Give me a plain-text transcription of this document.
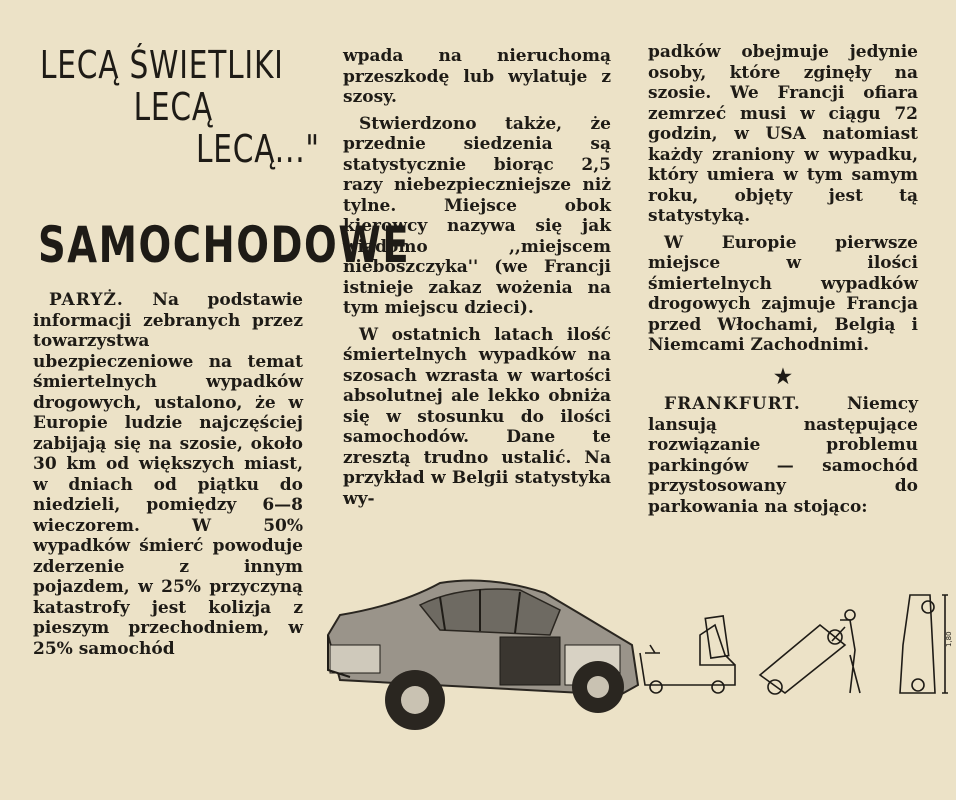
LECĄ ŚWIETLIKI
LECĄ
LECĄ..."
SAMOCHODOWE

PARYŻ. Na podstawie informacji zebranych przez towarzystwa ubezpieczeniowe na temat śmiertelnych wypadków drogowych, ustalono, że w Europie ludzie najczęściej zabijają się na szosie, około 30 km od większych miast, w dniach od piątku do niedzieli, pomiędzy 6—8 wieczorem. W 50% wypadków śmierć powoduje zderzenie z innym pojazdem, w 25% przyczyną katastrofy jest kolizja z pieszym przechodniem, w 25% samochód

wpada na nieruchomą przeszkodę lub wylatuje z szosy.

Stwierdzono także, że przednie siedzenia są statystycznie biorąc 2,5 razy niebezpieczniejsze niż tylne. Miejsce obok kierowcy nazywa się jak wiadomo ,,miejscem nieboszczyka'' (we Francji istnieje zakaz wożenia na tym miejscu dzieci).

W ostatnich latach ilość śmiertelnych wypadków na szosach wzrasta w wartości absolutnej ale lekko obniża się w stosunku do ilości samochodów. Dane te zresztą trudno ustalić. Na przykład w Belgii statystyka wy-

padków obejmuje jedynie osoby, które zginęły na szosie. We Francji ofiara zemrzeć musi w ciągu 72 godzin, w USA natomiast każdy zraniony w wypadku, który umiera w tym samym roku, objęty jest tą statystyką.

W Europie pierwsze miejsce w ilości śmiertelnych wypadków drogowych zajmuje Francja przed Włochami, Belgią i Niemcami Zachodnimi.

★

FRANKFURT.	Niemcy lansują następujące rozwiązanie problemu parkingów — samochód przystosowany do parkowania na stojąco:

1,80
